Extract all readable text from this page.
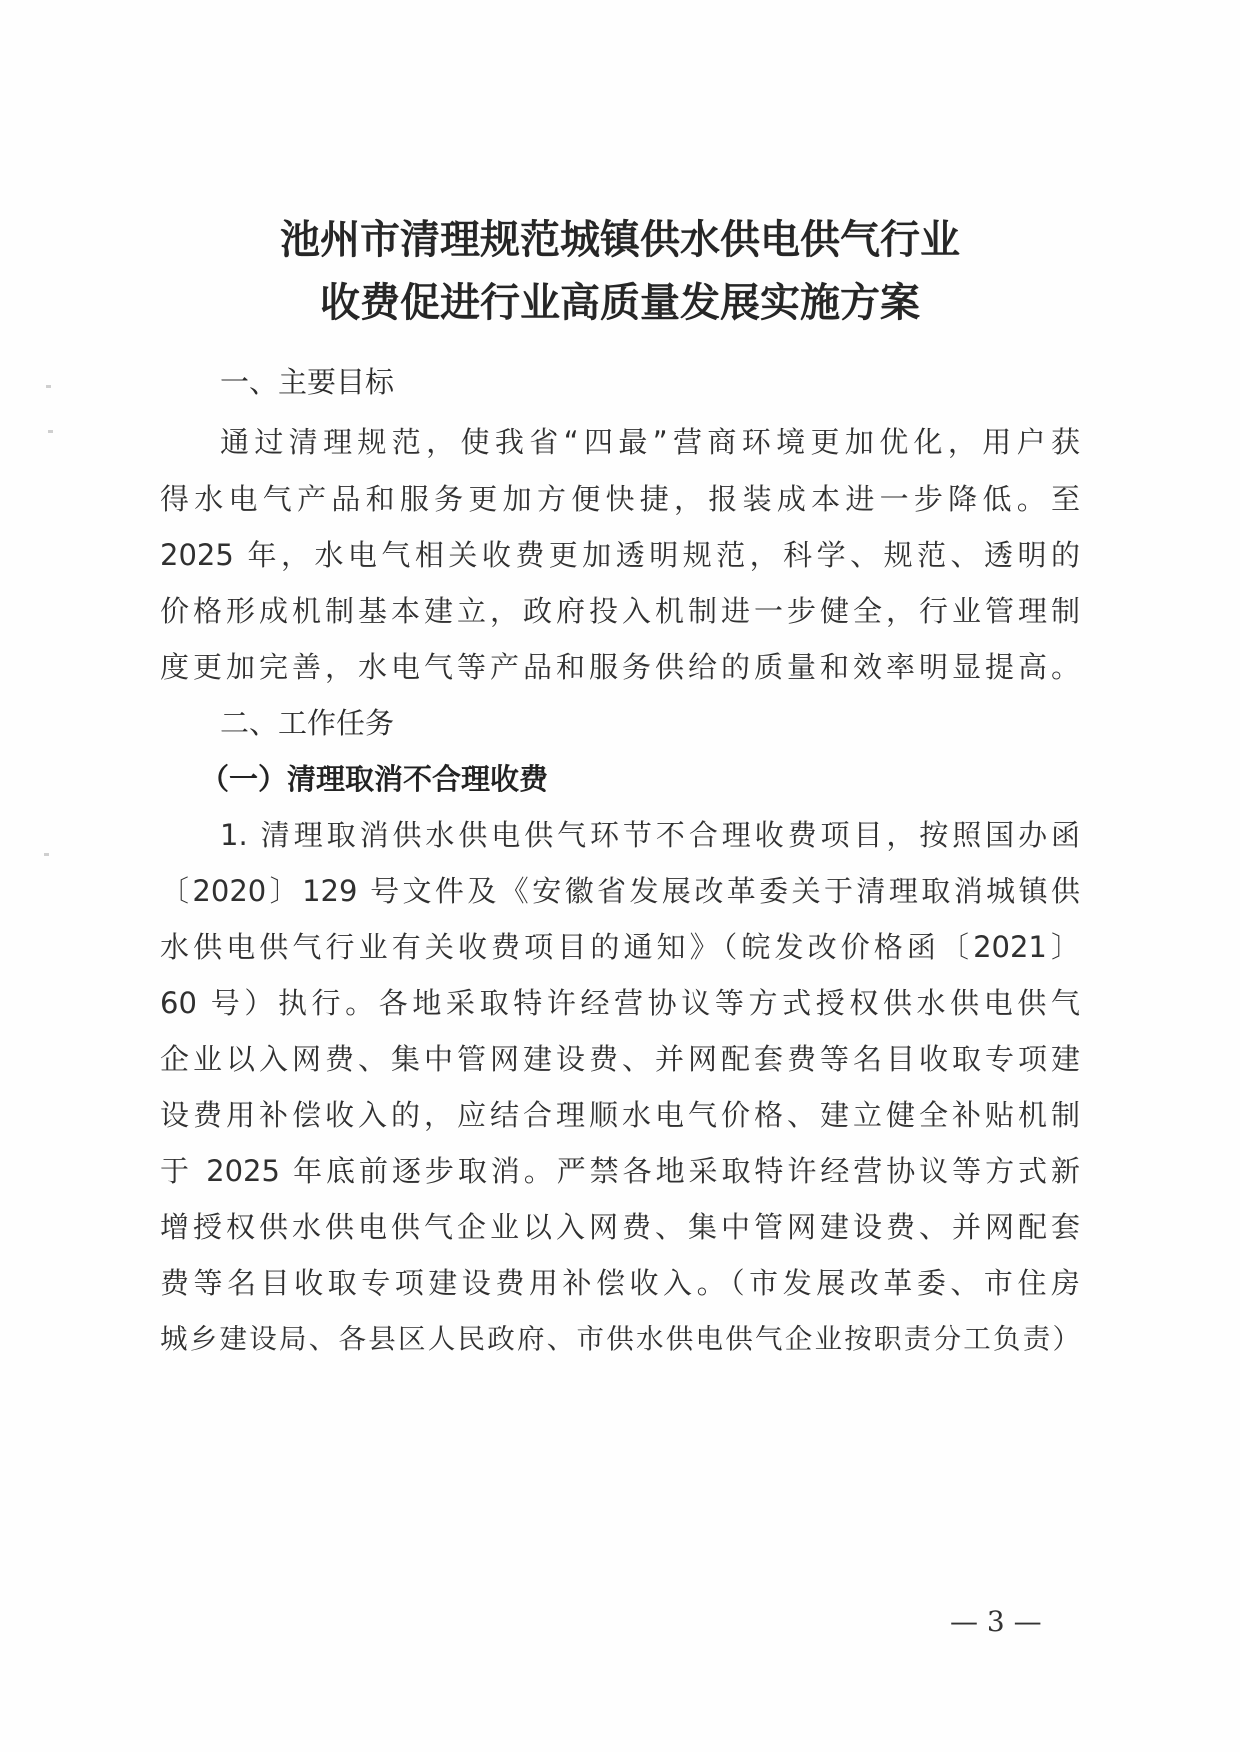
池州市清理规范城镇供水供电供气行业
收费促进行业高质量发展实施方案
一、主要目标
通过清理规范，使我省“四最”营商环境更加优化，用户获
得水电气产品和服务更加方便快捷，报装成本进一步降低。至
2025 年，水电气相关收费更加透明规范，科学、规范、透明的
价格形成机制基本建立，政府投入机制进一步健全，行业管理制
度更加完善，水电气等产品和服务供给的质量和效率明显提高。
二、工作任务
（一）清理取消不合理收费
1. 清理取消供水供电供气环节不合理收费项目，按照国办函
〔2020〕129 号文件及《安徽省发展改革委关于清理取消城镇供
水供电供气行业有关收费项目的通知》（皖发改价格函〔2021〕
60 号）执行。各地采取特许经营协议等方式授权供水供电供气
企业以入网费、集中管网建设费、并网配套费等名目收取专项建
设费用补偿收入的，应结合理顺水电气价格、建立健全补贴机制
于 2025 年底前逐步取消。严禁各地采取特许经营协议等方式新
增授权供水供电供气企业以入网费、集中管网建设费、并网配套
费等名目收取专项建设费用补偿收入。（市发展改革委、市住房
城乡建设局、各县区人民政府、市供水供电供气企业按职责分工负责）
— 3 —
